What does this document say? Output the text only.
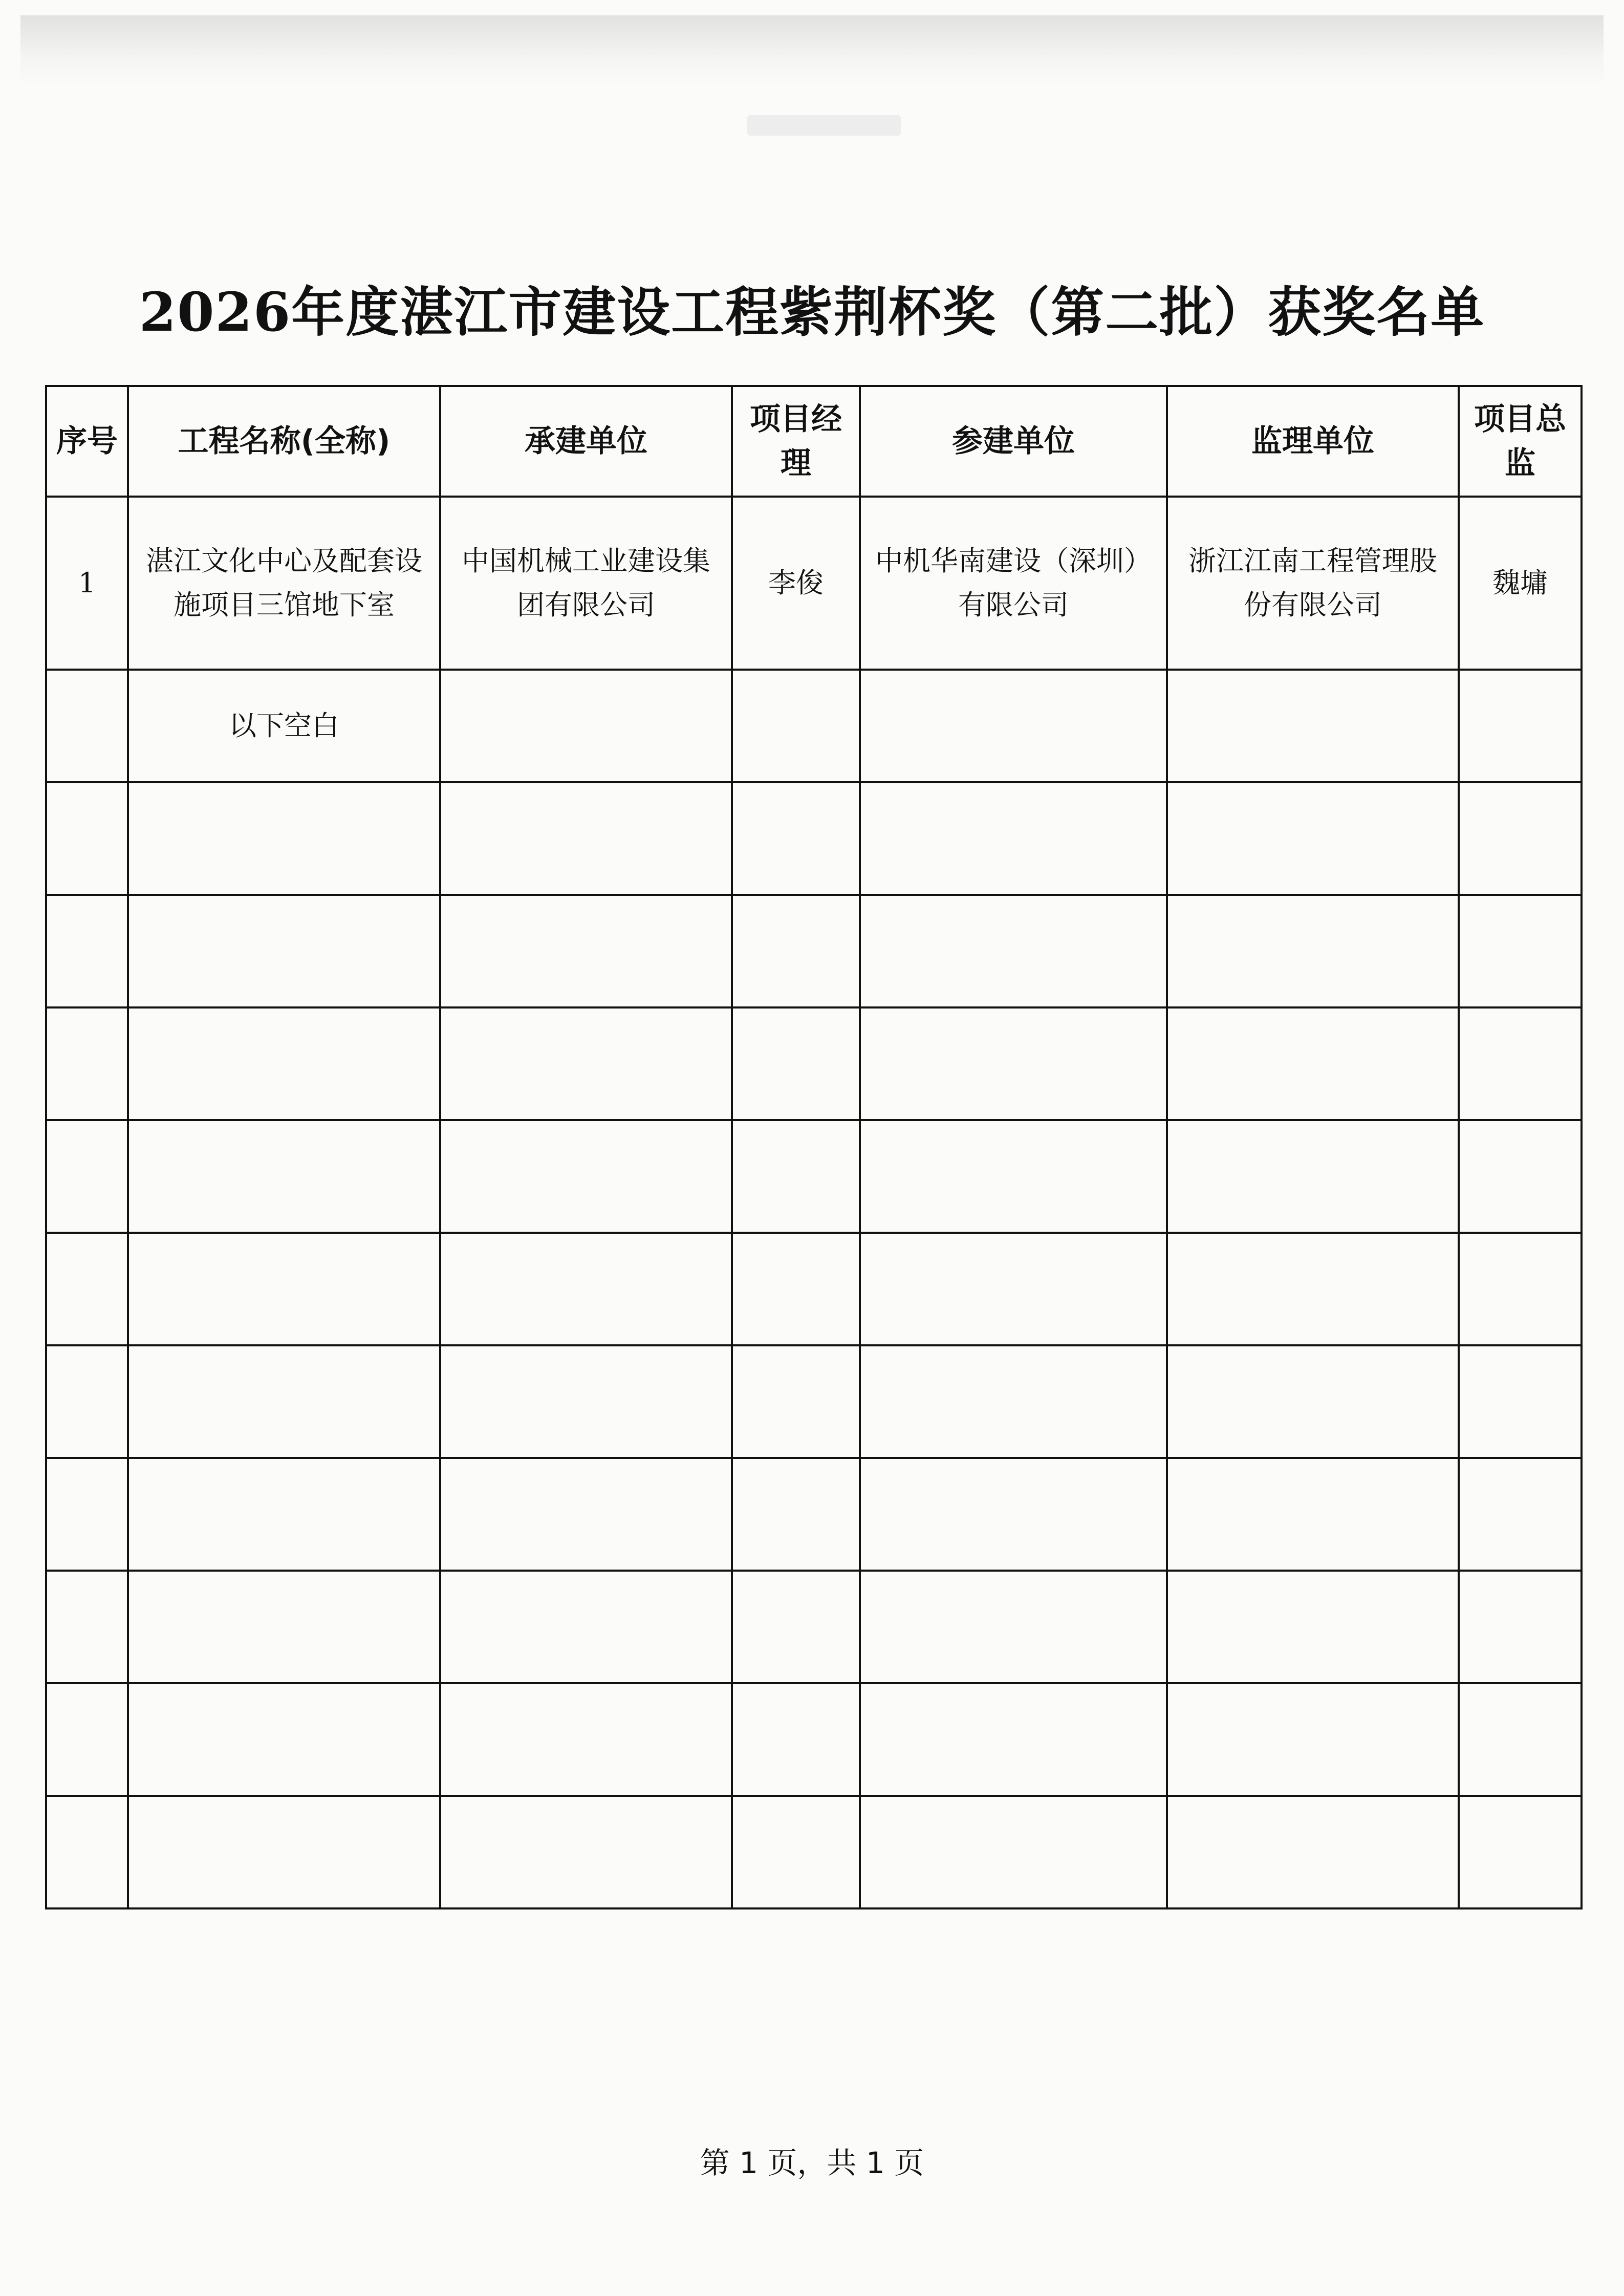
2026年度湛江市建设工程紫荆杯奖（第二批）获奖名单
序号	工程名称(全称)	承建单位	项目经理	参建单位	监理单位	项目总监
1	湛江文化中心及配套设施项目三馆地下室	中国机械工业建设集团有限公司	李俊	中机华南建设（深圳）有限公司	浙江江南工程管理股份有限公司	魏墉
	以下空白					

第 1 页，共 1 页
